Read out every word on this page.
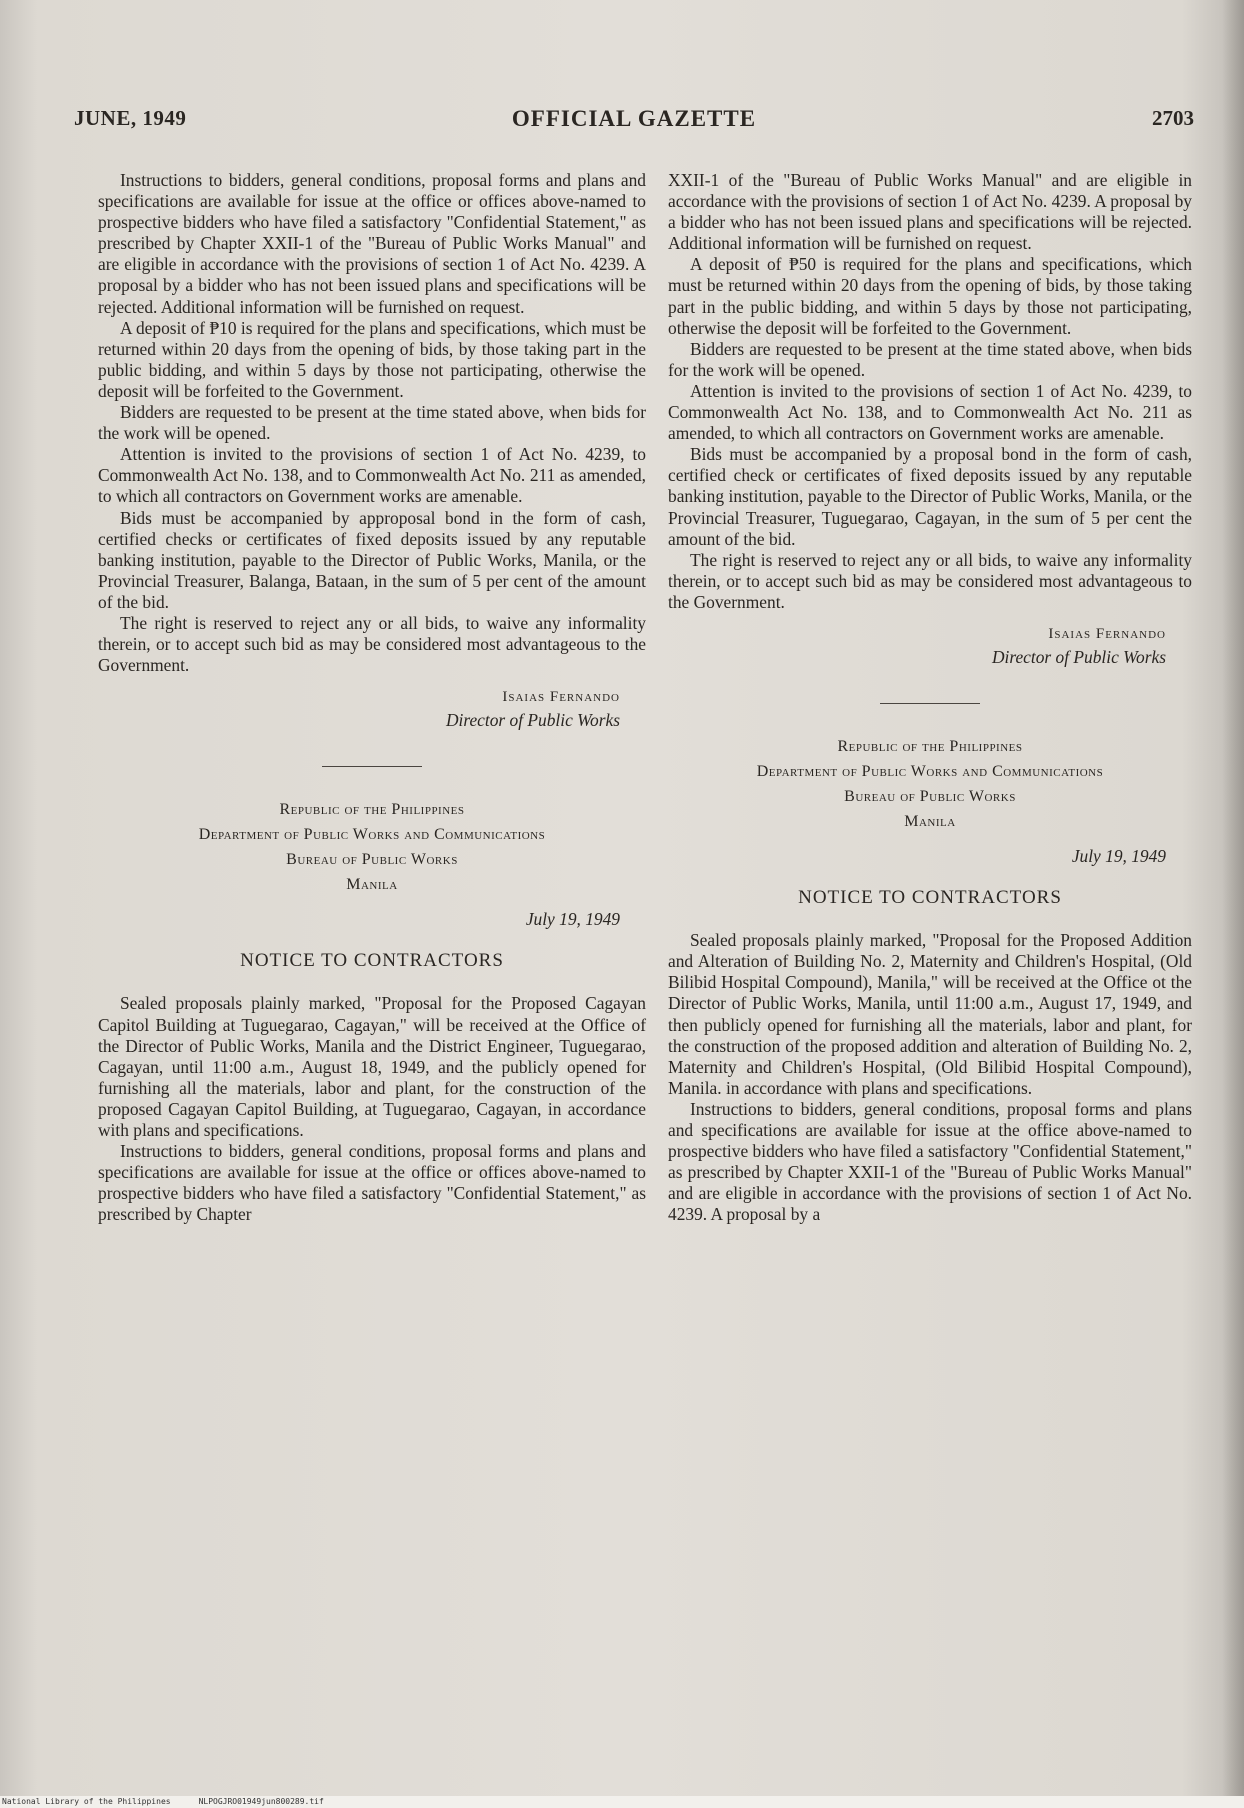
JUNE, 1949	OFFICIAL GAZETTE	2703

Instructions to bidders, general conditions, proposal forms and plans and specifications are available for issue at the office or offices above-named to prospective bidders who have filed a satisfactory "Confidential Statement," as prescribed by Chapter XXII-1 of the "Bureau of Public Works Manual" and are eligible in accordance with the provisions of section 1 of Act No. 4239. A proposal by a bidder who has not been issued plans and specifications will be rejected. Additional information will be furnished on request.

A deposit of ₱10 is required for the plans and specifications, which must be returned within 20 days from the opening of bids, by those taking part in the public bidding, and within 5 days by those not participating, otherwise the deposit will be forfeited to the Government.

Bidders are requested to be present at the time stated above, when bids for the work will be opened.

Attention is invited to the provisions of section 1 of Act No. 4239, to Commonwealth Act No. 138, and to Commonwealth Act No. 211 as amended, to which all contractors on Government works are amenable.

Bids must be accompanied by approposal bond in the form of cash, certified checks or certificates of fixed deposits issued by any reputable banking institution, payable to the Director of Public Works, Manila, or the Provincial Treasurer, Balanga, Bataan, in the sum of 5 per cent of the amount of the bid.

The right is reserved to reject any or all bids, to waive any informality therein, or to accept such bid as may be considered most advantageous to the Government.

Isaias Fernando
Director of Public Works
Republic of the Philippines
Department of Public Works and Communications
Bureau of Public Works
Manila
July 19, 1949
NOTICE TO CONTRACTORS

Sealed proposals plainly marked, "Proposal for the Proposed Cagayan Capitol Building at Tuguegarao, Cagayan," will be received at the Office of the Director of Public Works, Manila and the District Engineer, Tuguegarao, Cagayan, until 11:00 a.m., August 18, 1949, and the publicly opened for furnishing all the materials, labor and plant, for the construction of the proposed Cagayan Capitol Building, at Tuguegarao, Cagayan, in accordance with plans and specifications.

Instructions to bidders, general conditions, proposal forms and plans and specifications are available for issue at the office or offices above-named to prospective bidders who have filed a satisfactory "Confidential Statement," as prescribed by Chapter

XXII-1 of the "Bureau of Public Works Manual" and are eligible in accordance with the provisions of section 1 of Act No. 4239. A proposal by a bidder who has not been issued plans and specifications will be rejected. Additional information will be furnished on request.

A deposit of ₱50 is required for the plans and specifications, which must be returned within 20 days from the opening of bids, by those taking part in the public bidding, and within 5 days by those not participating, otherwise the deposit will be forfeited to the Government.

Bidders are requested to be present at the time stated above, when bids for the work will be opened.

Attention is invited to the provisions of section 1 of Act No. 4239, to Commonwealth Act No. 138, and to Commonwealth Act No. 211 as amended, to which all contractors on Government works are amenable.

Bids must be accompanied by a proposal bond in the form of cash, certified check or certificates of fixed deposits issued by any reputable banking institution, payable to the Director of Public Works, Manila, or the Provincial Treasurer, Tuguegarao, Cagayan, in the sum of 5 per cent the amount of the bid.

The right is reserved to reject any or all bids, to waive any informality therein, or to accept such bid as may be considered most advantageous to the Government.

Isaias Fernando
Director of Public Works
Republic of the Philippines
Department of Public Works and Communications
Bureau of Public Works
Manila
July 19, 1949
NOTICE TO CONTRACTORS

Sealed proposals plainly marked, "Proposal for the Proposed Addition and Alteration of Building No. 2, Maternity and Children's Hospital, (Old Bilibid Hospital Compound), Manila," will be received at the Office ot the Director of Public Works, Manila, until 11:00 a.m., August 17, 1949, and then publicly opened for furnishing all the materials, labor and plant, for the construction of the proposed addition and alteration of Building No. 2, Maternity and Children's Hospital, (Old Bilibid Hospital Compound), Manila. in accordance with plans and specifications.

Instructions to bidders, general conditions, proposal forms and plans and specifications are available for issue at the office above-named to prospective bidders who have filed a satisfactory "Confidential Statement," as prescribed by Chapter XXII-1 of the "Bureau of Public Works Manual" and are eligible in accordance with the provisions of section 1 of Act No. 4239. A proposal by a

National Library of the Philippines	NLPOGJRO01949jun800289.tif
